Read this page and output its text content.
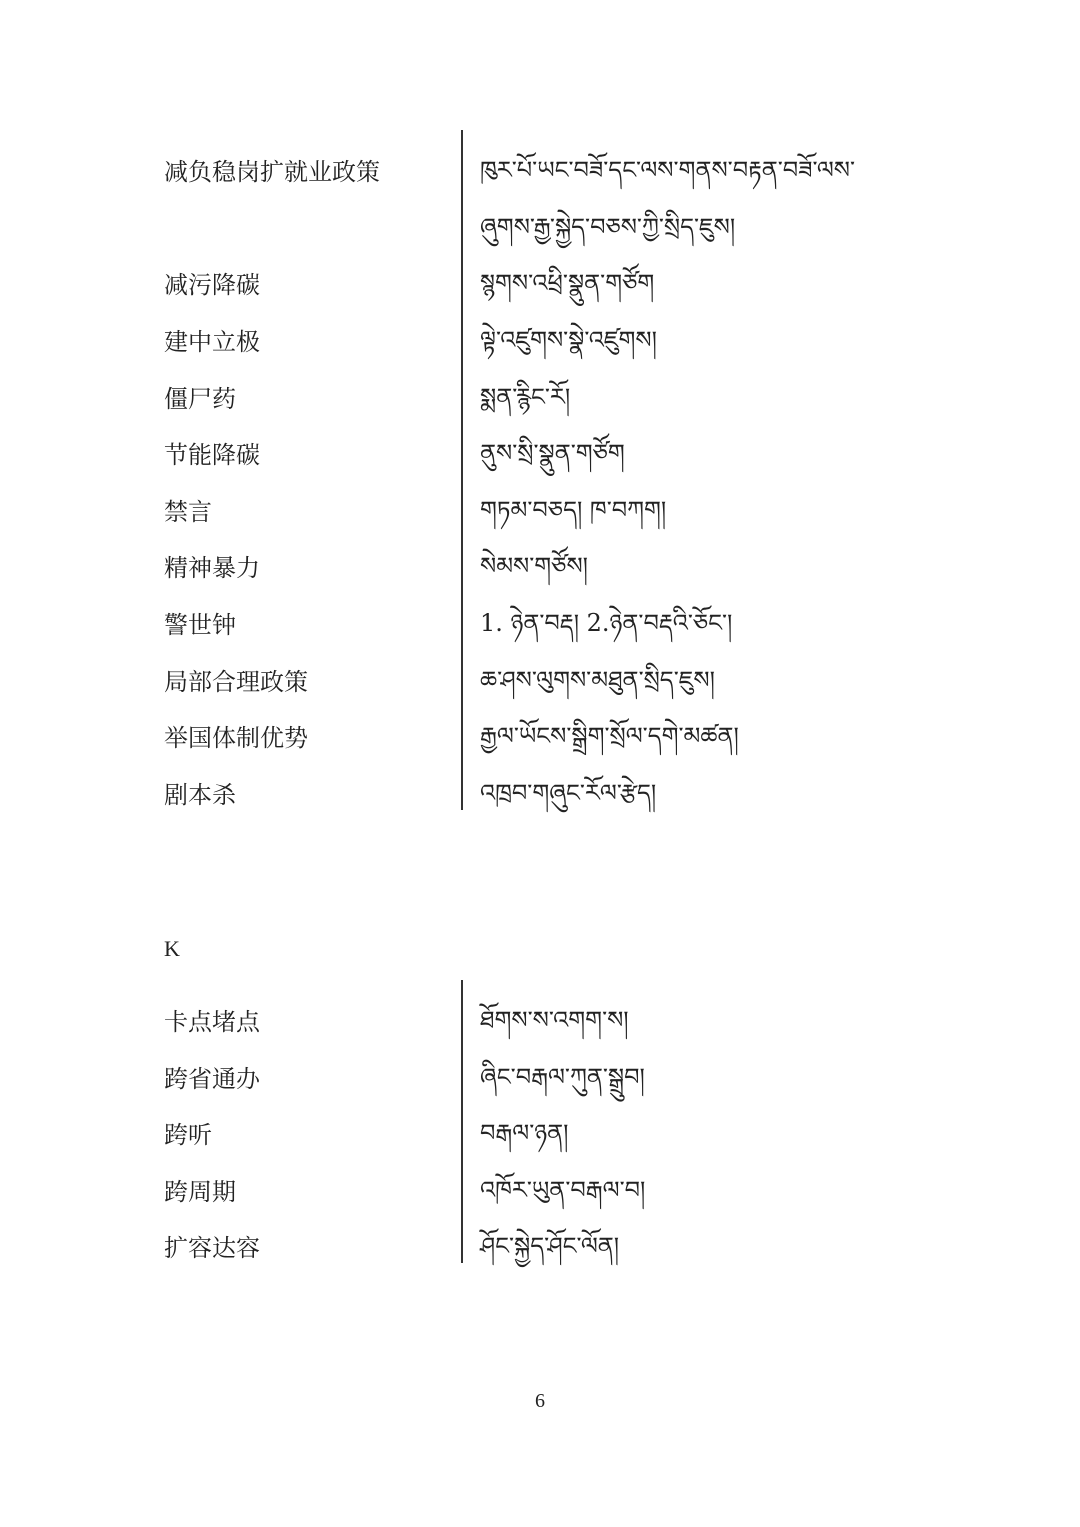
减负稳岗扩就业政策	ཁུར་པོ་ཡང་བཟོ་དང་ལས་གནས་བརྟན་བཟོ་ལས་
ཞུགས་རྒྱ་སྐྱེད་བཅས་ཀྱི་སྲིད་ཇུས།
减污降碳	སྙགས་འཕྲི་སྣུན་གཙོག
建中立极	ལྟེ་འཛུགས་སྣེ་འཛུགས།
僵尸药	སྨན་རྙིང་རོ།
节能降碳	ནུས་སྲི་སྣུན་གཙོག
禁言	གཏམ་བཅད། ཁ་བཀག།
精神暴力	སེམས་གཙོས།
警世钟	1. ཉེན་བརྡ། 2.ཉེན་བརྡའི་ཅོང་།
局部合理政策	ཆ་ཤས་ལུགས་མཐུན་སྲིད་ཇུས།
举国体制优势	རྒྱལ་ཡོངས་སྒྲིག་སྲོལ་དགེ་མཚན།
剧本杀	འཁྲབ་གཞུང་རོལ་རྩེད།
K
卡点堵点	ཐོགས་ས་འགག་ས།
跨省通办	ཞིང་བརྒལ་ཀུན་སྒྲུབ།
跨听	བརྒལ་ཉན།
跨周期	འཁོར་ཡུན་བརྒལ་བ།
扩容达容	ཤོང་སྐྱེད་ཤོང་ལོན།
6
